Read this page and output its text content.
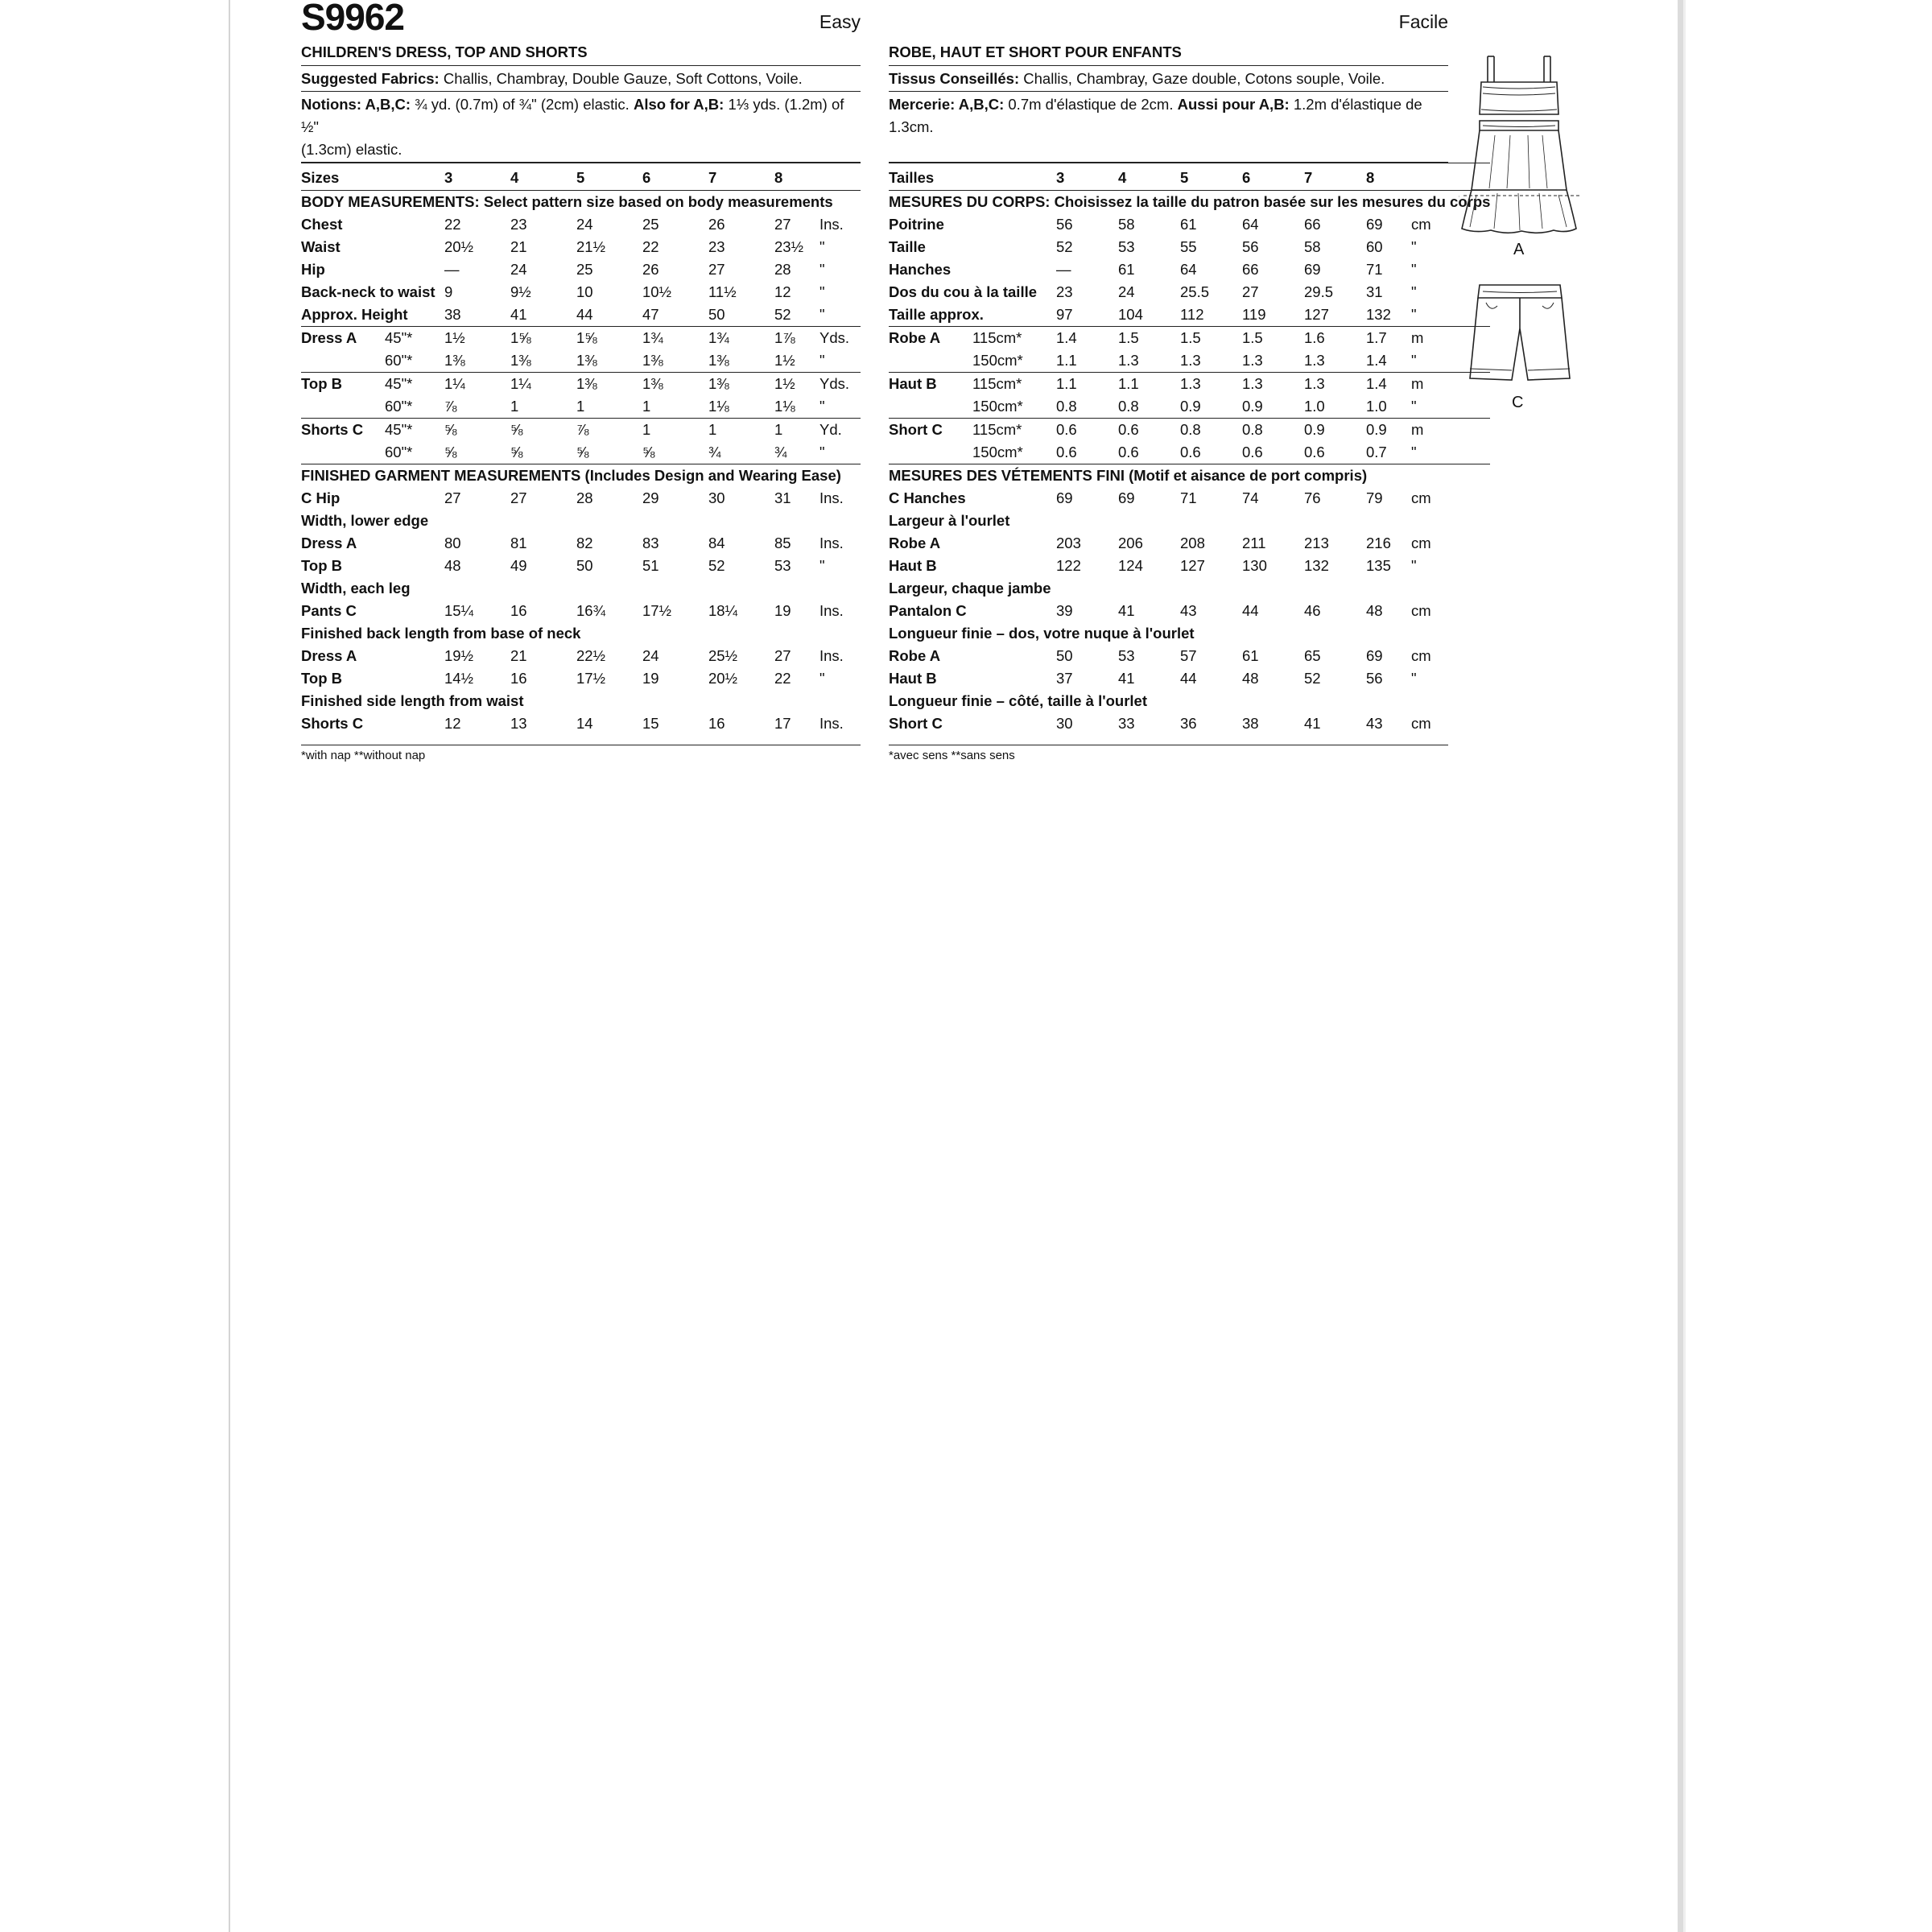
S9962	Easy
CHILDREN'S DRESS, TOP AND SHORTS
Suggested Fabrics: Challis, Chambray, Double Gauze, Soft Cottons, Voile.
Notions: A,B,C: ¾ yd. (0.7m) of ¾" (2cm) elastic. Also for A,B: 1⅓ yds. (1.2m) of ½"
(1.3cm) elastic.
Sizes		3	4	5	6	7	8		
BODY MEASUREMENTS: Select pattern size based on body measurements									
Chest		22	23	24	25	26	27	Ins.	
Waist		20½	21	21½	22	23	23½	"	
Hip		—	24	25	26	27	28	"	
Back-neck to waist		9	9½	10	10½	11½	12	"	
Approx. Height		38	41	44	47	50	52	"	
Dress A	45"*	1½	1⅝	1⅝	1¾	1¾	1⅞	Yds.	
	60"*	1⅜	1⅜	1⅜	1⅜	1⅜	1½	"	
Top B	45"*	1¼	1¼	1⅜	1⅜	1⅜	1½	Yds.	
	60"*	⅞	1	1	1	1⅛	1⅛	"	
Shorts C	45"*	⅝	⅝	⅞	1	1	1	Yd.	
	60"*	⅝	⅝	⅝	⅝	¾	¾	"	
FINISHED GARMENT MEASUREMENTS (Includes Design and Wearing Ease)									
C Hip		27	27	28	29	30	31	Ins.	
Width, lower edge									
Dress A		80	81	82	83	84	85	Ins.	
Top B		48	49	50	51	52	53	"	
Width, each leg									
Pants C		15¼	16	16¾	17½	18¼	19	Ins.	
Finished back length from base of neck									
Dress A		19½	21	22½	24	25½	27	Ins.	
Top B		14½	16	17½	19	20½	22	"	
Finished side length from waist									
Shorts C		12	13	14	15	16	17	Ins.	
*with nap **without nap
Facile
ROBE, HAUT ET SHORT POUR ENFANTS
Tissus Conseillés: Challis, Chambray, Gaze double, Cotons souple, Voile.
Mercerie: A,B,C: 0.7m d'élastique de 2cm. Aussi pour A,B: 1.2m d'élastique de 1.3cm.

Tailles		3	4	5	6	7	8		
MESURES DU CORPS: Choisissez la taille du patron basée sur les mesures du corps									
Poitrine		56	58	61	64	66	69	cm	
Taille		52	53	55	56	58	60	"	
Hanches		—	61	64	66	69	71	"	
Dos du cou à la taille		23	24	25.5	27	29.5	31	"	
Taille approx.		97	104	112	119	127	132	"	
Robe A	115cm*	1.4	1.5	1.5	1.5	1.6	1.7	m	
	150cm*	1.1	1.3	1.3	1.3	1.3	1.4	"	
Haut B	115cm*	1.1	1.1	1.3	1.3	1.3	1.4	m	
	150cm*	0.8	0.8	0.9	0.9	1.0	1.0	"	
Short C	115cm*	0.6	0.6	0.8	0.8	0.9	0.9	m	
	150cm*	0.6	0.6	0.6	0.6	0.6	0.7	"	
MESURES DES VÉTEMENTS FINI (Motif et aisance de port compris)									
C Hanches		69	69	71	74	76	79	cm	
Largeur à l'ourlet									
Robe A		203	206	208	211	213	216	cm	
Haut B		122	124	127	130	132	135	"	
Largeur, chaque jambe									
Pantalon C		39	41	43	44	46	48	cm	
Longueur finie – dos, votre nuque à l'ourlet									
Robe A		50	53	57	61	65	69	cm	
Haut B		37	41	44	48	52	56	"	
Longueur finie – côté, taille à l'ourlet									
Short C		30	33	36	38	41	43	cm	
*avec sens **sans sens
A
C
